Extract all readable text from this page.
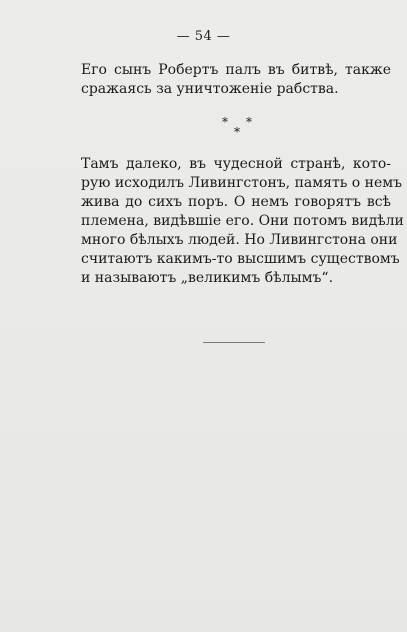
— 54 —
Его сынъ Робертъ палъ въ битвѣ, также
сражаясь за уничтоженіе рабства.
* *
*
Тамъ далеко, въ чудесной странѣ, кото-
рую исходилъ Ливингстонъ, память о немъ
жива до сихъ поръ. О немъ говорятъ всѣ
племена, видѣвшіе его. Они потомъ видѣли
много бѣлыхъ людей. Но Ливингстона они
считаютъ какимъ-то высшимъ существомъ
и называютъ „великимъ бѣлымъ“.
